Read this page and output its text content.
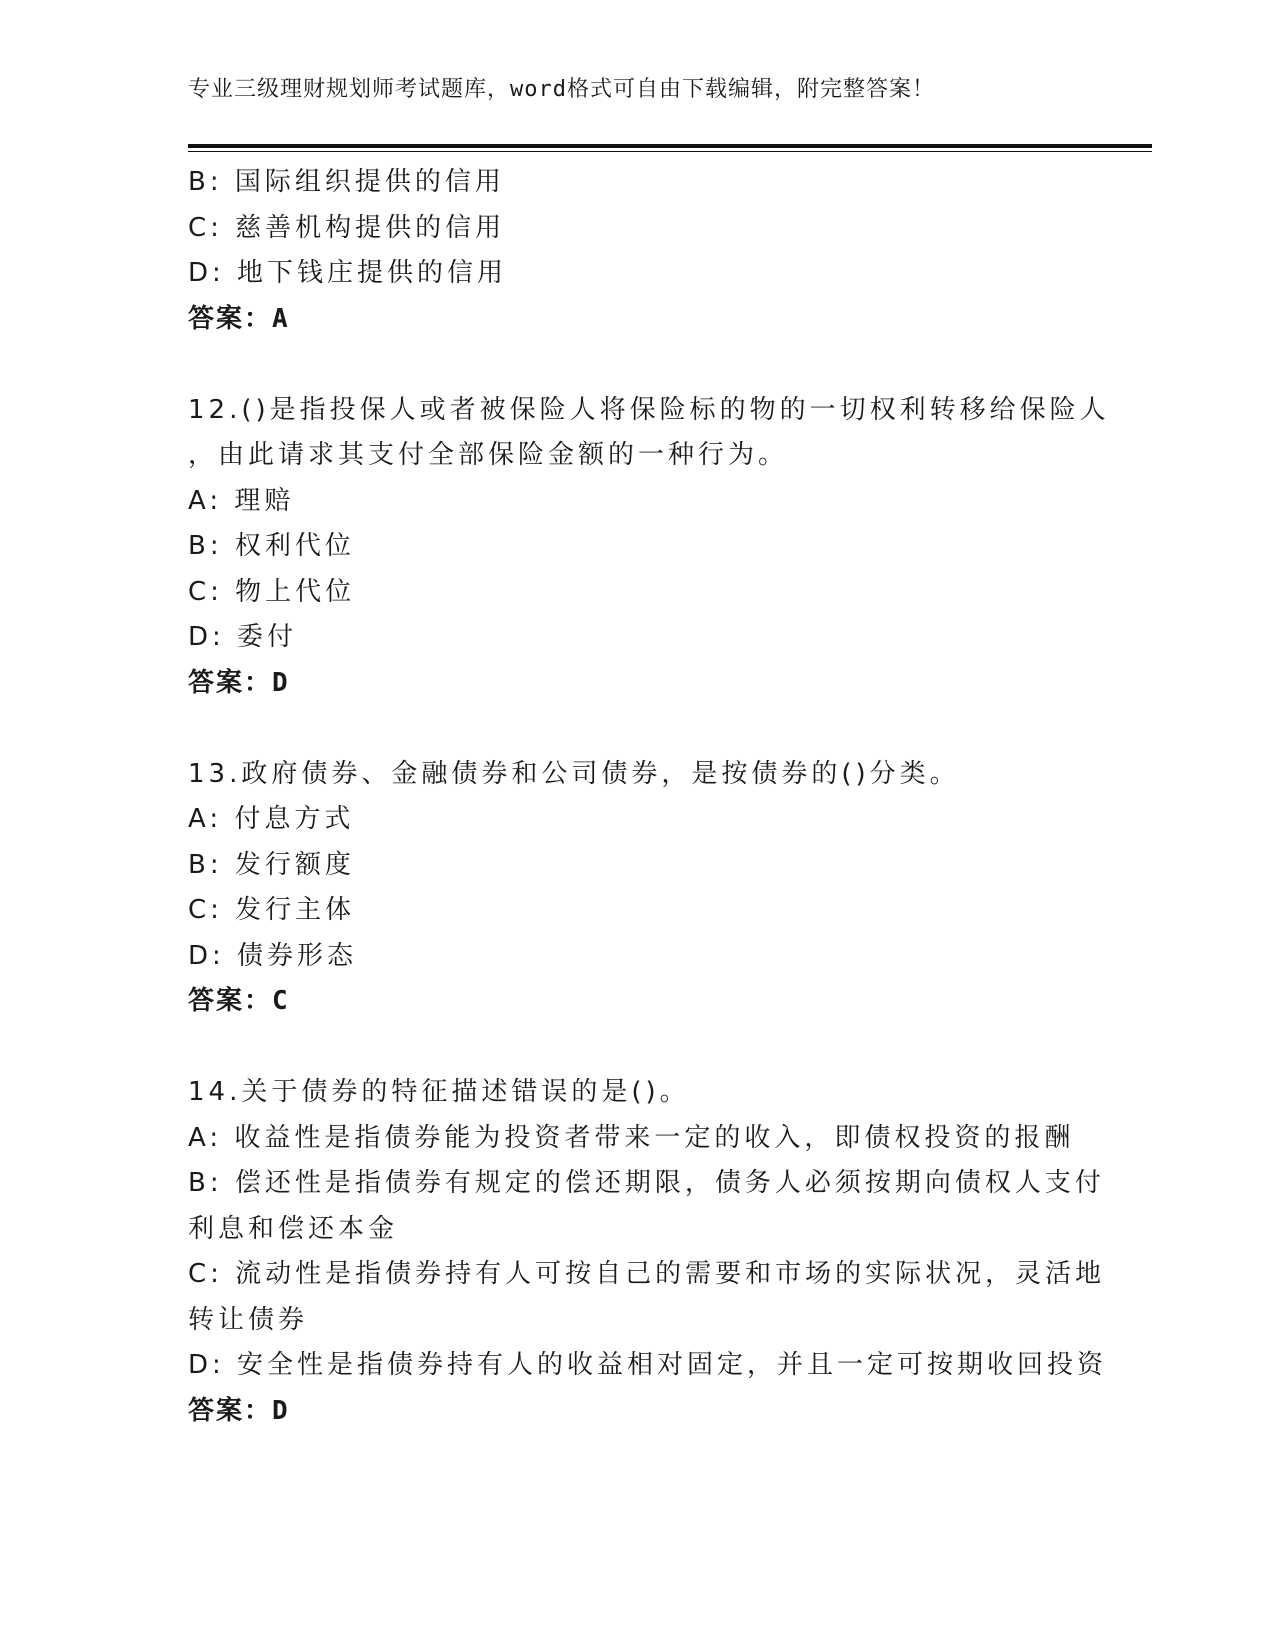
专业三级理财规划师考试题库，word格式可自由下载编辑，附完整答案！
B: 国际组织提供的信用
C: 慈善机构提供的信用
D: 地下钱庄提供的信用
答案：A
12.()是指投保人或者被保险人将保险标的物的一切权利转移给保险人
，由此请求其支付全部保险金额的一种行为。
A: 理赔
B: 权利代位
C: 物上代位
D: 委付
答案：D
13.政府债券、金融债券和公司债券，是按债券的()分类。
A: 付息方式
B: 发行额度
C: 发行主体
D: 债券形态
答案：C
14.关于债券的特征描述错误的是()。
A: 收益性是指债券能为投资者带来一定的收入，即债权投资的报酬
B: 偿还性是指债券有规定的偿还期限，债务人必须按期向债权人支付
利息和偿还本金
C: 流动性是指债券持有人可按自己的需要和市场的实际状况，灵活地
转让债券
D: 安全性是指债券持有人的收益相对固定，并且一定可按期收回投资
答案：D
